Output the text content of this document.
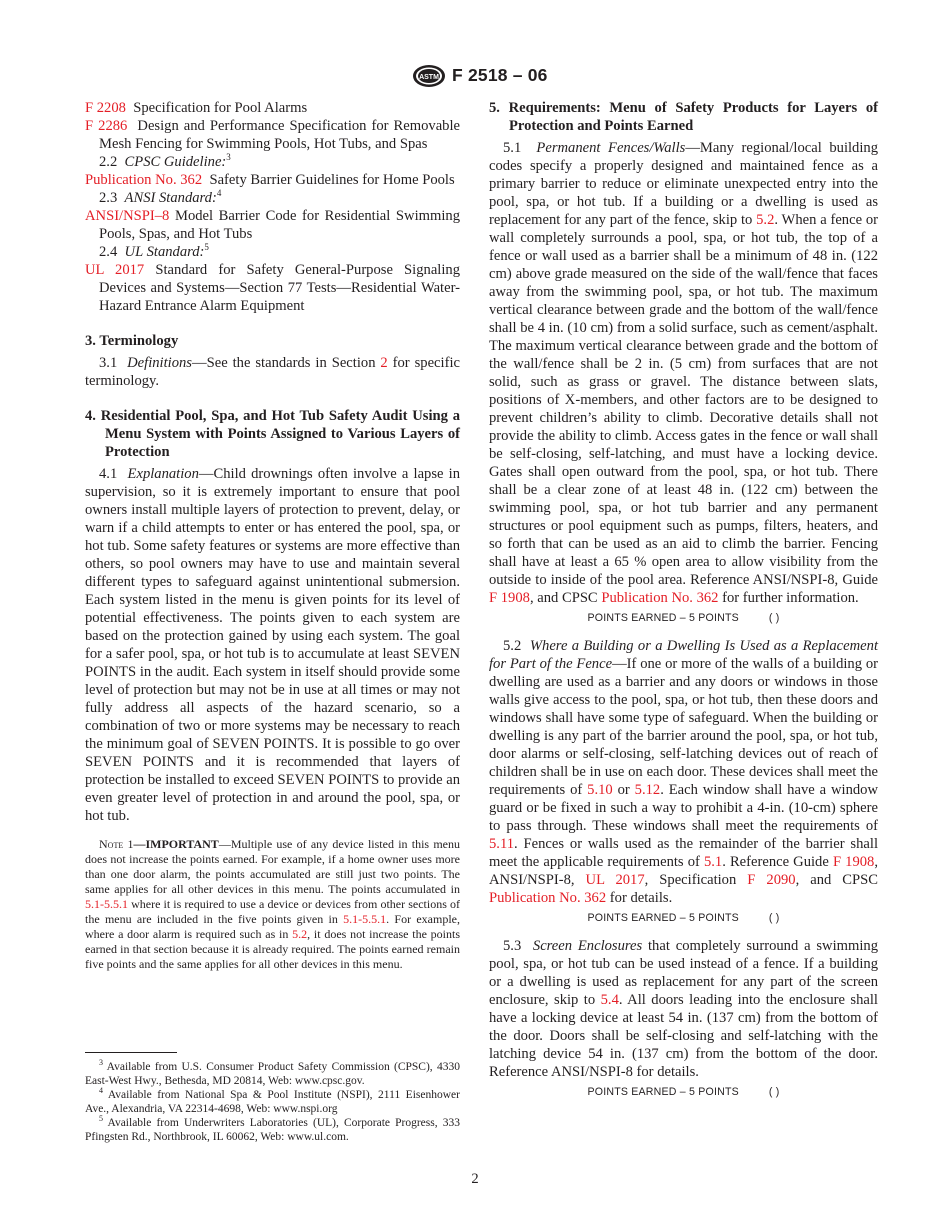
ASTM F 2518 – 06

F 2208 Specification for Pool Alarms

F 2286 Design and Performance Specification for Removable Mesh Fencing for Swimming Pools, Hot Tubs, and Spas

2.2 CPSC Guideline:$^3$

Publication No. 362 Safety Barrier Guidelines for Home Pools

2.3 ANSI Standard:$^4$

ANSI/NSPI–8 Model Barrier Code for Residential Swimming Pools, Spas, and Hot Tubs

2.4 UL Standard:$^5$

UL 2017 Standard for Safety General-Purpose Signaling Devices and Systems—Section 77 Tests—Residential Water-Hazard Entrance Alarm Equipment

3. Terminology

3.1 Definitions—See the standards in Section 2 for specific terminology.

4. Residential Pool, Spa, and Hot Tub Safety Audit Using a Menu System with Points Assigned to Various Layers of Protection

4.1 Explanation—Child drownings often involve a lapse in supervision, so it is extremely important to ensure that pool owners install multiple layers of protection to prevent, delay, or warn if a child attempts to enter or has entered the pool, spa, or hot tub. Some safety features or systems are more effective than others, so pool owners may have to use and maintain several different types to safeguard against unintentional submersion. Each system listed in the menu is given points for its level of potential effectiveness. The points given to each system are based on the protection gained by using each system. The goal for a safer pool, spa, or hot tub is to accumulate at least SEVEN POINTS in the audit. Each system in itself should provide some level of protection but may not be in use at all times or may not fully address all aspects of the hazard scenario, so a combination of two or more systems may be necessary to reach the minimum goal of SEVEN POINTS. It is possible to go over SEVEN POINTS and it is recommended that layers of protection be installed to exceed SEVEN POINTS to provide an even greater level of protection in and around the pool, spa, or hot tub.

Note 1—IMPORTANT—Multiple use of any device listed in this menu does not increase the points earned. For example, if a home owner uses more than one door alarm, the points accumulated are still just two points. The same applies for all other devices in this menu. The points accumulated in 5.1-5.5.1 where it is required to use a device or devices from other sections of the menu are included in the five points given in 5.1-5.5.1. For example, where a door alarm is required such as in 5.2, it does not increase the points earned in that section because it is already required. The points earned remain five points and the same applies for all other devices in this menu.

$^3$ Available from U.S. Consumer Product Safety Commission (CPSC), 4330 East-West Hwy., Bethesda, MD 20814, Web: www.cpsc.gov.

$^4$ Available from National Spa & Pool Institute (NSPI), 2111 Eisenhower Ave., Alexandria, VA 22314-4698, Web: www.nspi.org

$^5$ Available from Underwriters Laboratories (UL), Corporate Progress, 333 Pfingsten Rd., Northbrook, IL 60062, Web: www.ul.com.

5. Requirements: Menu of Safety Products for Layers of Protection and Points Earned

5.1 Permanent Fences/Walls—Many regional/local building codes specify a properly designed and maintained fence as a primary barrier to reduce or eliminate unexpected entry into the pool, spa, or hot tub. If a building or a dwelling is used as replacement for any part of the fence, skip to 5.2. When a fence or wall completely surrounds a pool, spa, or hot tub, the top of a fence or wall used as a barrier shall be a minimum of 48 in. (122 cm) above grade measured on the side of the wall/fence that faces away from the swimming pool, spa, or hot tub. The maximum vertical clearance between grade and the bottom of the wall/fence shall be 4 in. (10 cm) from a solid surface, such as cement/asphalt. The maximum vertical clearance between grade and the bottom of the wall/fence shall be 2 in. (5 cm) from surfaces that are not solid, such as grass or gravel. The distance between slats, positions of X-members, and other factors are to be designed to prevent children’s ability to climb. Decorative details shall not provide the ability to climb. Access gates in the fence or wall shall be self-closing, self-latching, and must have a locking device. Gates shall open outward from the pool, spa, or hot tub. There shall be a clear zone of at least 48 in. (122 cm) between the swimming pool, spa, or hot tub barrier and any permanent structures or pool equipment such as pumps, filters, heaters, and so forth that can be used as an aid to climb the barrier. Fencing shall have at least a 65 % open area to allow visibility from the outside to inside of the pool area. Reference ANSI/NSPI-8, Guide F 1908, and CPSC Publication No. 362 for further information.

POINTS EARNED – 5 POINTS	( )

5.2 Where a Building or a Dwelling Is Used as a Replacement for Part of the Fence—If one or more of the walls of a building or dwelling are used as a barrier and any doors or windows in those walls give access to the pool, spa, or hot tub, then these doors and windows shall have some type of safeguard. When the building or dwelling is any part of the barrier around the pool, spa, or hot tub, door alarms or self-closing, self-latching devices out of reach of children shall be in use on each door. These devices shall meet the requirements of 5.10 or 5.12. Each window shall have a window guard or be fixed in such a way to prohibit a 4-in. (10-cm) sphere to pass through. These windows shall meet the requirements of 5.11. Fences or walls used as the remainder of the barrier shall meet the applicable requirements of 5.1. Reference Guide F 1908, ANSI/NSPI-8, UL 2017, Specification F 2090, and CPSC Publication No. 362 for details.

POINTS EARNED – 5 POINTS	( )

5.3 Screen Enclosures that completely surround a swimming pool, spa, or hot tub can be used instead of a fence. If a building or a dwelling is used as replacement for any part of the screen enclosure, skip to 5.4. All doors leading into the enclosure shall have a locking device at least 54 in. (137 cm) from the bottom of the door. Doors shall be self-closing and self-latching with the latching device 54 in. (137 cm) from the bottom of the door. Reference ANSI/NSPI-8 for details.

POINTS EARNED – 5 POINTS	( )

2
